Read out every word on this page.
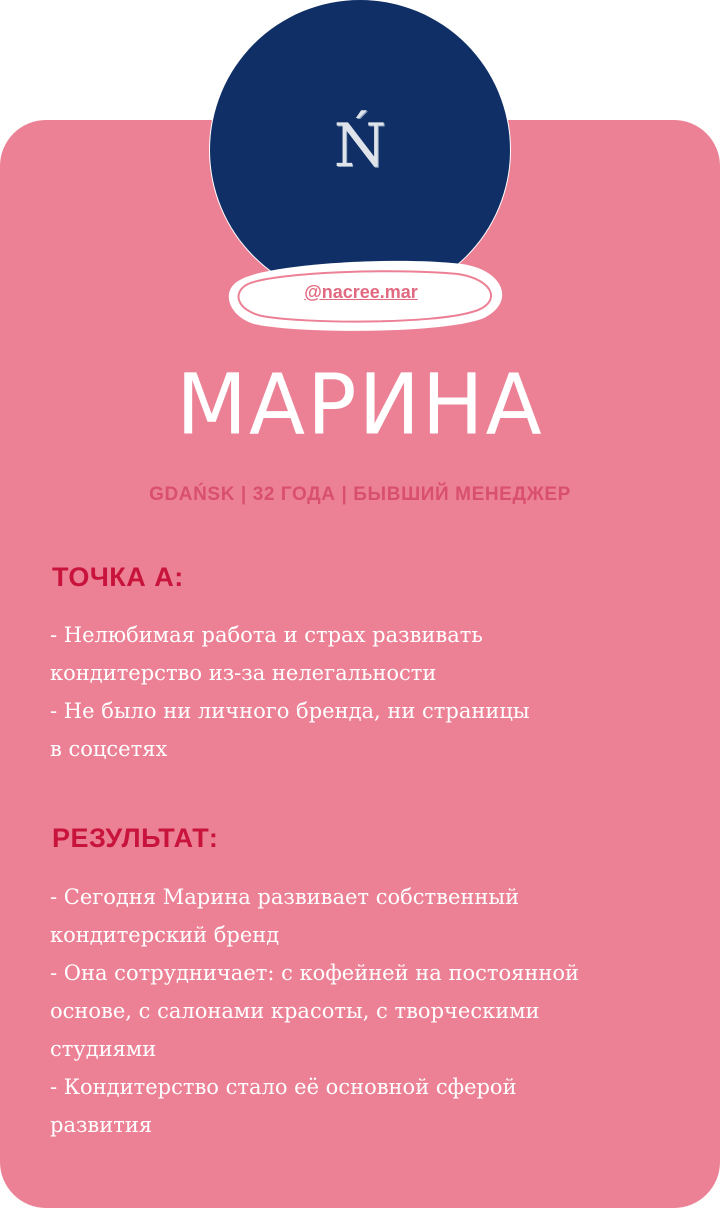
Ń
@nacree.mar
МАРИНА
GDAŃSK | 32 ГОДА | БЫВШИЙ МЕНЕДЖЕР
ТОЧКА А:
- Нелюбимая работа и страх развивать
кондитерство из-за нелегальности
- Не было ни личного бренда, ни страницы
в соцсетях
РЕЗУЛЬТАТ:
- Сегодня Марина развивает собственный
кондитерский бренд
- Она сотрудничает: с кофейней на постоянной
основе, с салонами красоты, с творческими
студиями
- Кондитерство стало её основной сферой
развития
